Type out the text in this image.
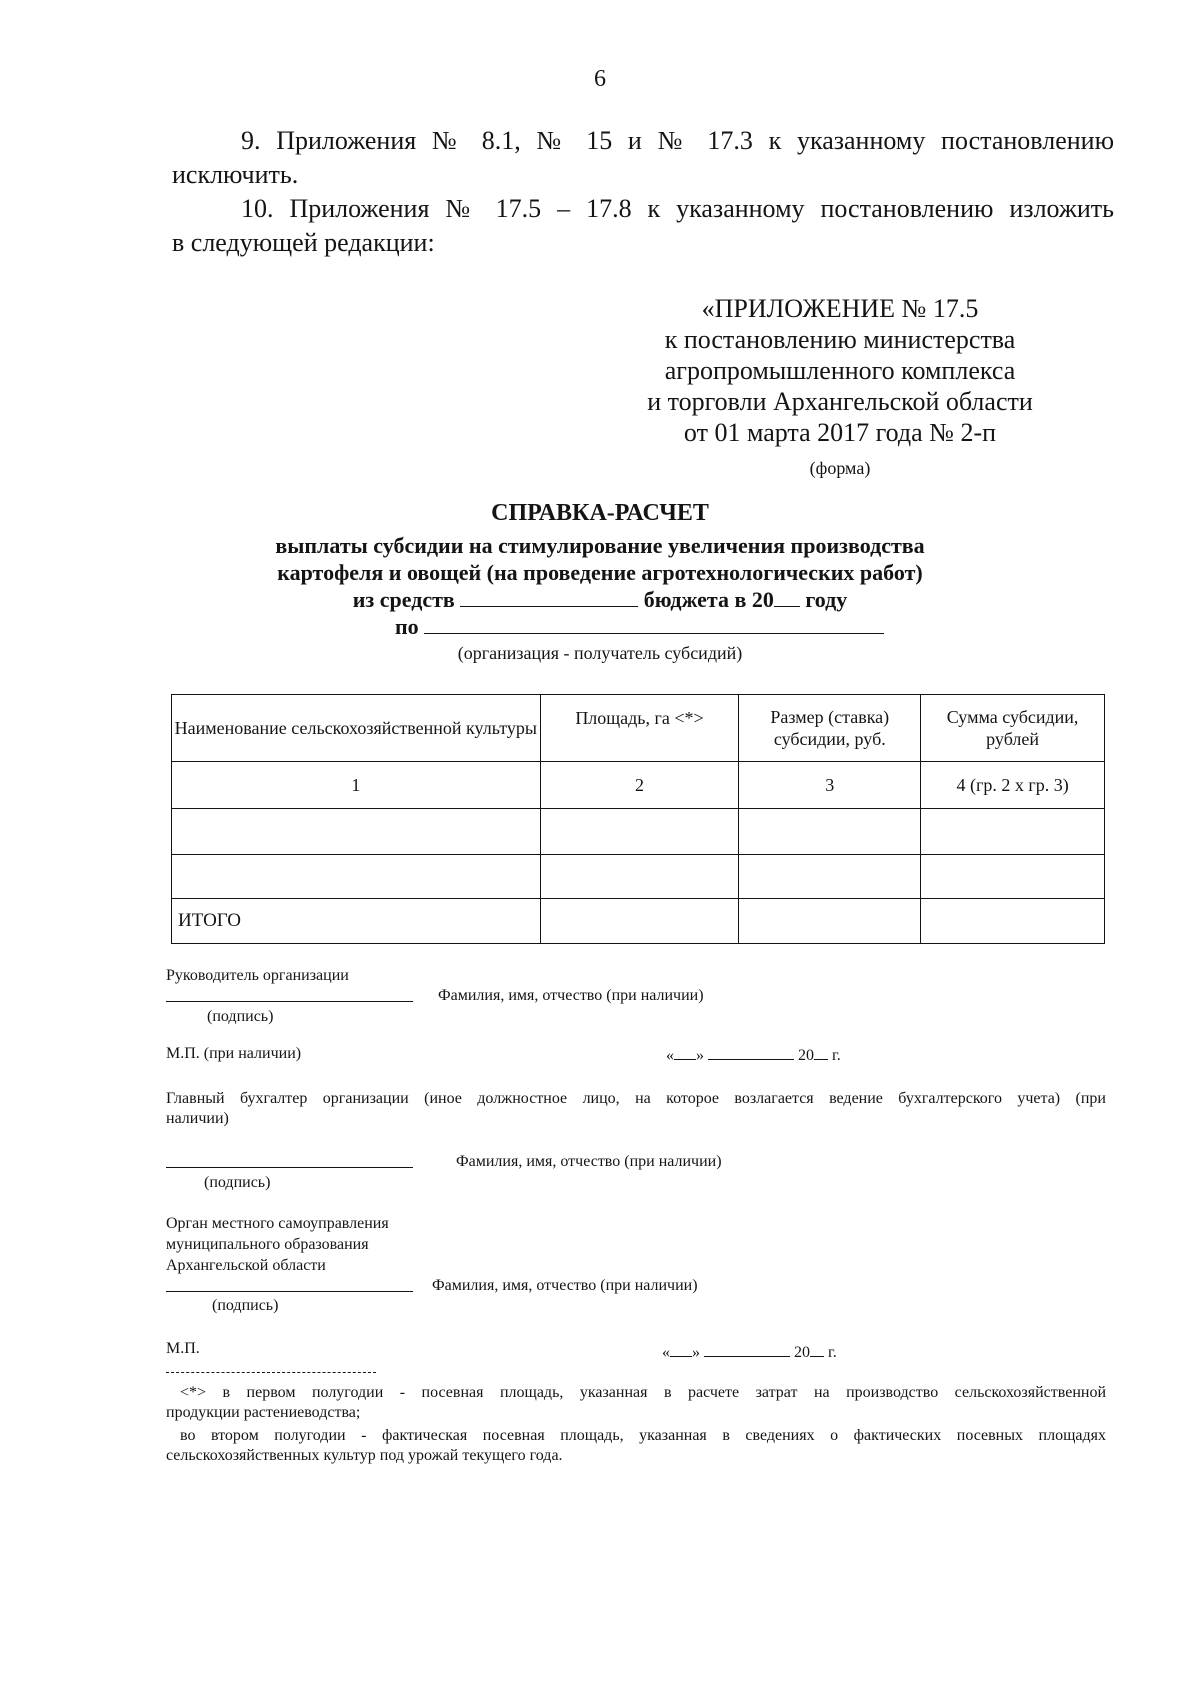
6
9. Приложения № 8.1, № 15 и № 17.3 к указанному постановлению
исключить.
10. Приложения № 17.5 – 17.8 к указанному постановлению изложить
в следующей редакции:
«ПРИЛОЖЕНИЕ № 17.5
к постановлению министерства
агропромышленного комплекса
и торговли Архангельской области
от 01 марта 2017 года № 2-п
(форма)
СПРАВКА-РАСЧЕТ
выплаты субсидии на стимулирование увеличения производства
картофеля и овощей (на проведение агротехнологических работ)
из средств	бюджета в 20 году
по
(организация - получатель субсидий)
Наименование сельскохозяйственной культуры	Площадь, га <*>	Размер (ставка) субсидии, руб.	Сумма субсидии, рублей
1	2	3	4 (гр. 2 х гр. 3)

ИТОГО			
Руководитель организации
Фамилия, имя, отчество (при наличии)
(подпись)
М.П. (при наличии)	« »	20 г.
Главный бухгалтер организации (иное должностное лицо, на которое возлагается ведение бухгалтерского учета) (при
наличии)
Фамилия, имя, отчество (при наличии)
(подпись)
Орган местного самоуправления
муниципального образования
Архангельской области
Фамилия, имя, отчество (при наличии)
(подпись)
М.П.	« »	20 г.
<*> в первом полугодии - посевная площадь, указанная в расчете затрат на производство сельскохозяйственной
продукции растениеводства;
во втором полугодии - фактическая посевная площадь, указанная в сведениях о фактических посевных площадях
сельскохозяйственных культур под урожай текущего года.
